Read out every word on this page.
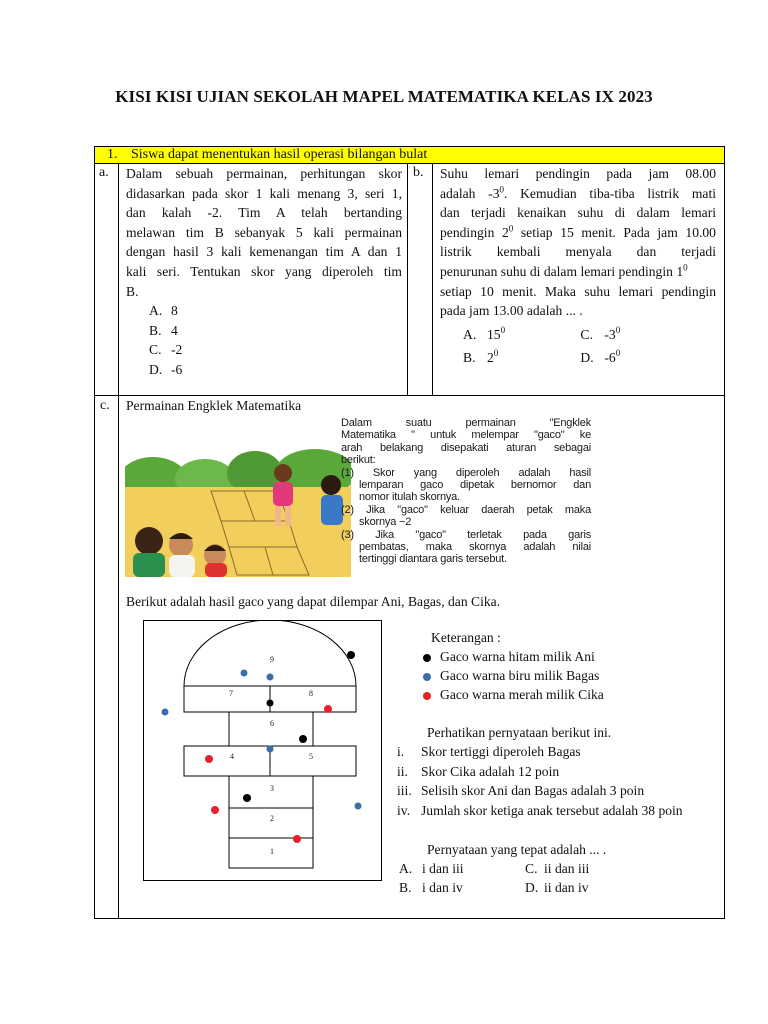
KISI KISI UJIAN SEKOLAH MAPEL MATEMATIKA KELAS IX 2023
1. Siswa dapat menentukan hasil operasi bilangan bulat
a. Dalam sebuah permainan, perhitungan skor
didasarkan pada skor 1 kali menang 3, seri 1,
dan kalah -2. Tim A telah bertanding
melawan tim B sebanyak 5 kali permainan
dengan hasil 3 kali kemenangan tim A dan 1
kali seri. Tentukan skor yang diperoleh tim
B.
A. 8
B. 4
C. -2
D. -6
b. Suhu lemari pendingin pada jam 08.00
adalah $-3^0$. Kemudian tiba-tiba listrik mati
dan terjadi kenaikan suhu di dalam lemari
pendingin $2^0$ setiap 15 menit. Pada jam 10.00
listrik kembali menyala dan terjadi
penurunan suhu di dalam lemari pendingin $1^0$
setiap 10 menit. Maka suhu lemari pendingin
pada jam 13.00 adalah ... .
A. $15^0$	C. $-3^0$
B. $2^0$	D. $-6^0$
c. Permainan Engklek Matematika
Dalam suatu permainan "Engklek
Matematika " untuk melempar "gaco" ke
arah belakang disepakati aturan sebagai
berikut:
(1) Skor yang diperoleh adalah hasil
lemparan gaco dipetak bernomor dan
nomor itulah skornya.
(2) Jika "gaco" keluar daerah petak maka
skornya −2
(3) Jika "gaco" terletak pada garis
pembatas, maka skornya adalah nilai
tertinggi diantara garis tersebut.
Berikut adalah hasil gaco yang dapat dilempar Ani, Bagas, dan Cika.
9
7	8
6
4	5
3
2
1
Keterangan :
Gaco warna hitam milik Ani
Gaco warna biru milik Bagas
Gaco warna merah milik Cika
Perhatikan pernyataan berikut ini.
i. Skor tertiggi diperoleh Bagas
ii. Skor Cika adalah 12 poin
iii. Selisih skor Ani dan Bagas adalah 3 poin
iv. Jumlah skor ketiga anak tersebut adalah 38 poin
Pernyataan yang tepat adalah ... .
A. i dan iii	C. ii dan iii
B. i dan iv	D. ii dan iv
